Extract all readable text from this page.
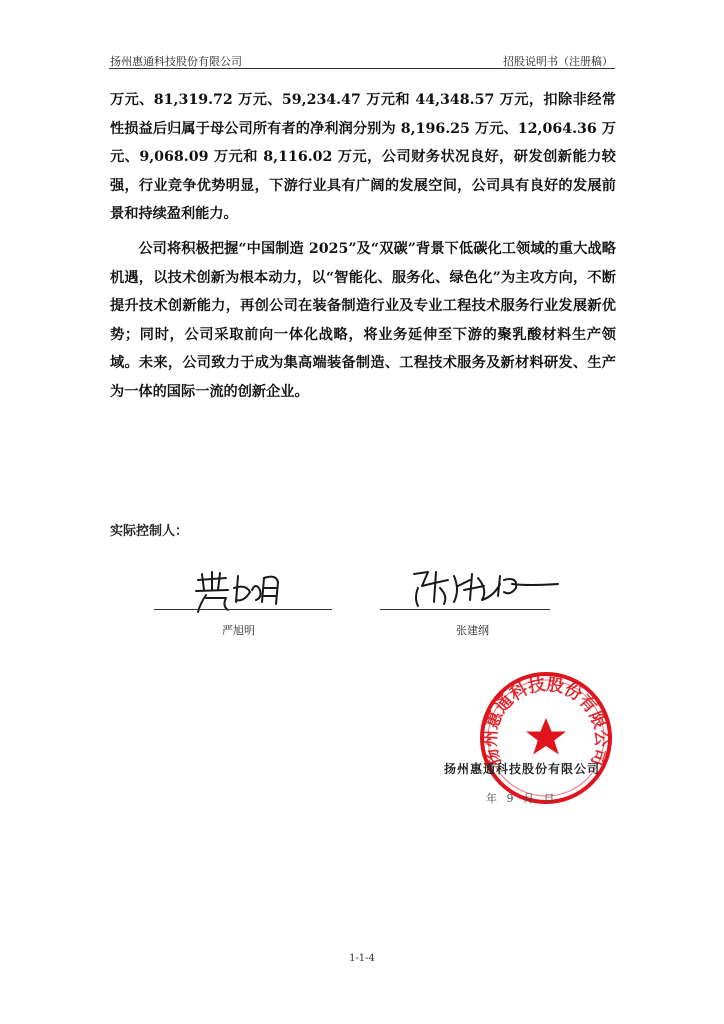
扬州惠通科技股份有限公司	招股说明书（注册稿）

万元、81,319.72 万元、59,234.47 万元和 44,348.57 万元，扣除非经常性损益后归属于母公司所有者的净利润分别为 8,196.25 万元、12,064.36 万元、9,068.09 万元和 8,116.02 万元，公司财务状况良好，研发创新能力较强，行业竞争优势明显，下游行业具有广阔的发展空间，公司具有良好的发展前景和持续盈利能力。

公司将积极把握“中国制造 2025”及“双碳”背景下低碳化工领域的重大战略机遇，以技术创新为根本动力，以“智能化、服务化、绿色化”为主攻方向，不断提升技术创新能力，再创公司在装备制造行业及专业工程技术服务行业发展新优势；同时，公司采取前向一体化战略，将业务延伸至下游的聚乳酸材料生产领域。未来，公司致力于成为集高端装备制造、工程技术服务及新材料研发、生产为一体的国际一流的创新企业。

实际控制人：
严旭明	张建纲
扬州惠通科技股份有限公司
扬州惠通科技股份有限公司
年 9 月 日
1-1-4
